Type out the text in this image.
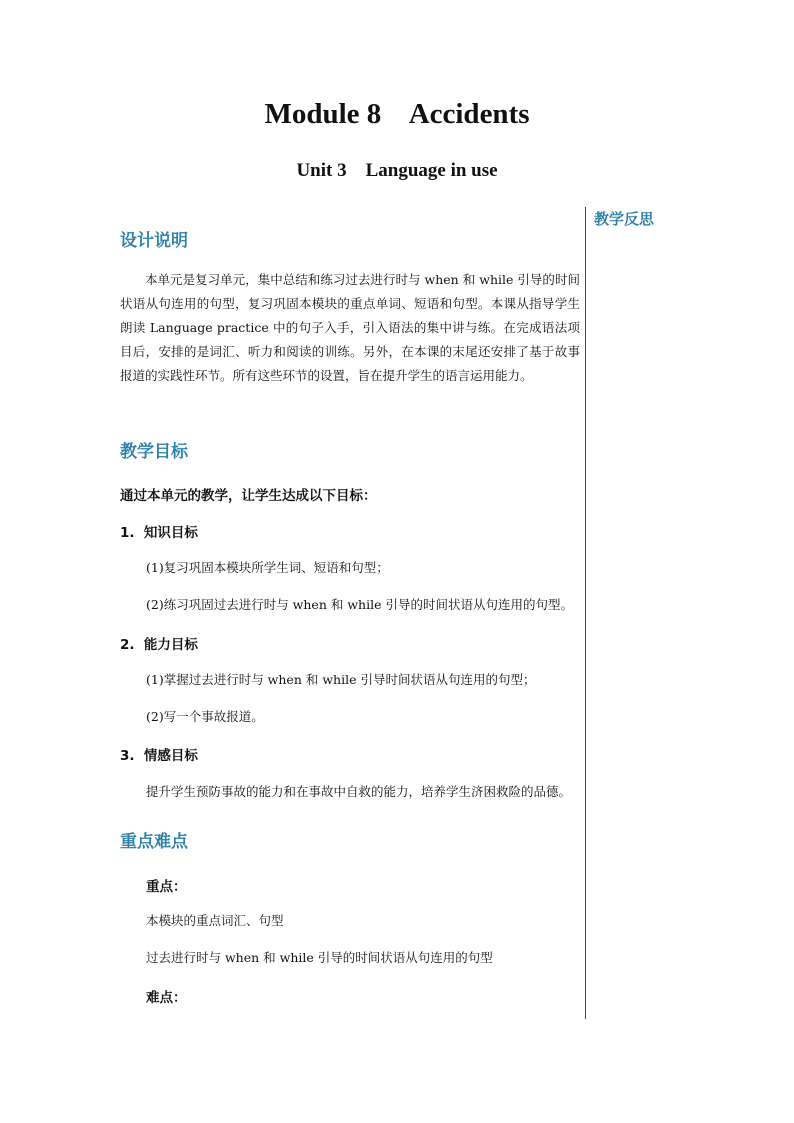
Module 8    Accidents
Unit 3    Language in use
教学反思
设计说明
本单元是复习单元，集中总结和练习过去进行时与 when 和 while 引导的时间状语从句连用的句型，复习巩固本模块的重点单词、短语和句型。本课从指导学生朗读 Language practice 中的句子入手，引入语法的集中讲与练。在完成语法项目后，安排的是词汇、听力和阅读的训练。另外，在本课的末尾还安排了基于故事报道的实践性环节。所有这些环节的设置，旨在提升学生的语言运用能力。
教学目标
通过本单元的教学，让学生达成以下目标：
1.  知识目标
(1)复习巩固本模块所学生词、短语和句型；
(2)练习巩固过去进行时与 when 和 while 引导的时间状语从句连用的句型。
2.  能力目标
(1)掌握过去进行时与 when 和 while 引导时间状语从句连用的句型；
(2)写一个事故报道。
3.  情感目标
提升学生预防事故的能力和在事故中自救的能力，培养学生济困救险的品德。
重点难点
重点：
本模块的重点词汇、句型
过去进行时与 when 和 while 引导的时间状语从句连用的句型
难点：
